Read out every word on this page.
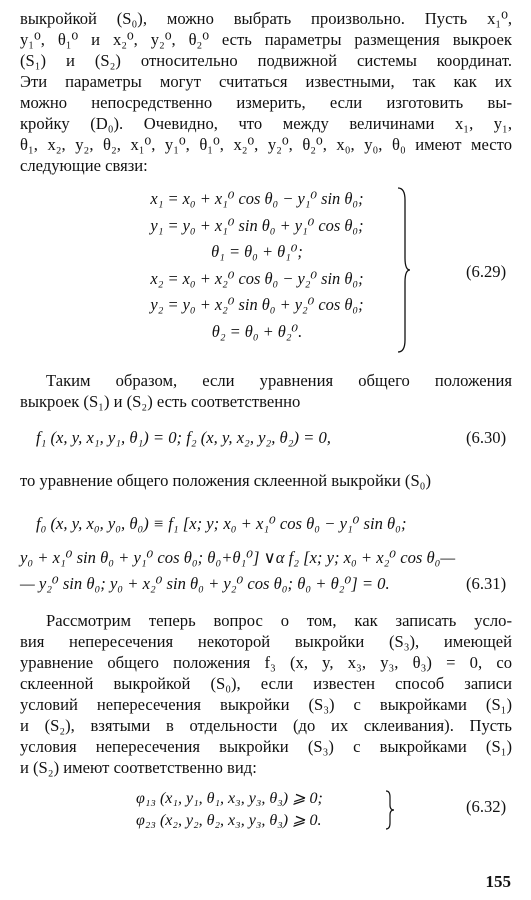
выкройкой (S₀), можно выбрать произвольно. Пусть x₁⁰,
y₁⁰, θ₁⁰ и x₂⁰, y₂⁰, θ₂⁰ есть параметры размещения выкроек
(S₁) и (S₂) относительно подвижной системы координат.
Эти параметры могут считаться известными, так как их
можно непосредственно измерить, если изготовить вы-
кройку (D₀). Очевидно, что между величинами x₁, y₁,
θ₁, x₂, y₂, θ₂, x₁⁰, y₁⁰, θ₁⁰, x₂⁰, y₂⁰, θ₂⁰, x₀, y₀, θ₀ имеют место
следующие связи:

x₁ = x₀ + x₁⁰ cos θ₀ − y₁⁰ sin θ₀;
y₁ = y₀ + x₁⁰ sin θ₀ + y₁⁰ cos θ₀;
θ₁ = θ₀ + θ₁⁰;
x₂ = x₀ + x₂⁰ cos θ₀ − y₂⁰ sin θ₀;
y₂ = y₀ + x₂⁰ sin θ₀ + y₂⁰ cos θ₀;
θ₂ = θ₀ + θ₂⁰.
(6.29)

Таким образом, если уравнения общего положения
выкроек (S₁) и (S₂) есть соответственно

f₁ (x, y, x₁, y₁, θ₁) = 0; f₂ (x, y, x₂, y₂, θ₂) = 0,	(6.30)

то уравнение общего положения склеенной выкройки (S₀)

f₀ (x, y, x₀, y₀, θ₀) ≡ f₁ [x; y; x₀ + x₁⁰ cos θ₀ − y₁⁰ sin θ₀;
y₀ + x₁⁰ sin θ₀ + y₁⁰ cos θ₀; θ₀+θ₁⁰] ∨α f₂ [x; y; x₀ + x₂⁰ cos θ₀—
— y₂⁰ sin θ₀; y₀ + x₂⁰ sin θ₀ + y₂⁰ cos θ₀; θ₀ + θ₂⁰] = 0.	(6.31)

Рассмотрим теперь вопрос о том, как записать усло-
вия непересечения некоторой выкройки (S₃), имеющей
уравнение общего положения f₃ (x, y, x₃, y₃, θ₃) = 0, со
склеенной выкройкой (S₀), если известен способ записи
условий непересечения выкройки (S₃) с выкройками (S₁)
и (S₂), взятыми в отдельности (до их склеивания). Пусть
условия непересечения выкройки (S₃) с выкройками (S₁)
и (S₂) имеют соответственно вид:

φ₁₃ (x₁, y₁, θ₁, x₃, y₃, θ₃) ⩾ 0;
φ₂₃ (x₂, y₂, θ₂, x₃, y₃, θ₃) ⩾ 0.
(6.32)
155
